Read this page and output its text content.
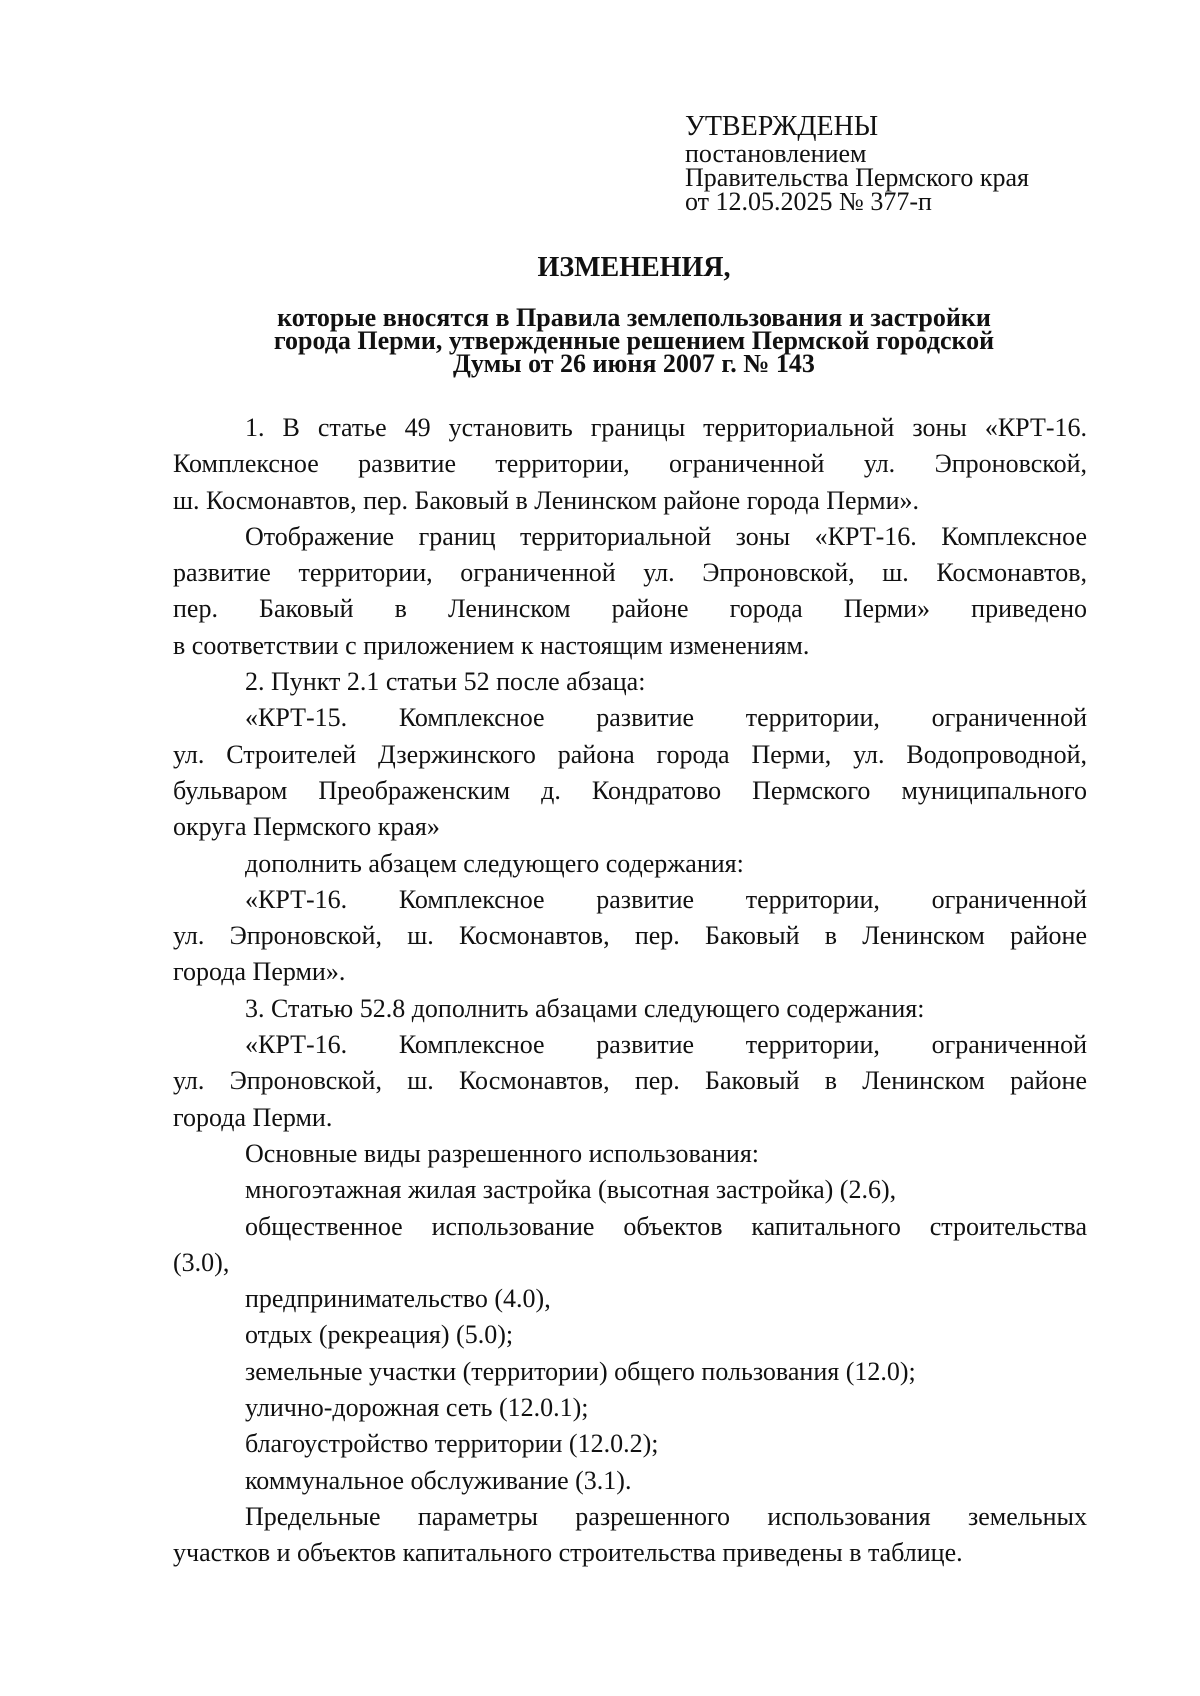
УТВЕРЖДЕНЫ
постановлением
Правительства Пермского края
от 12.05.2025 № 377-п
ИЗМЕНЕНИЯ,
которые вносятся в Правила землепользования и застройки
города Перми, утвержденные решением Пермской городской
Думы от 26 июня 2007 г. № 143

1. В статье 49 установить границы территориальной зоны «КРТ-16.

Комплексное развитие территории, ограниченной ул. Эпроновской,

ш. Космонавтов, пер. Баковый в Ленинском районе города Перми».

Отображение границ территориальной зоны «КРТ-16. Комплексное

развитие территории, ограниченной ул. Эпроновской, ш. Космонавтов,

пер. Баковый в Ленинском районе города Перми» приведено

в соответствии с приложением к настоящим изменениям.

2. Пункт 2.1 статьи 52 после абзаца:

«КРТ-15. Комплексное развитие территории, ограниченной

ул. Строителей Дзержинского района города Перми, ул. Водопроводной,

бульваром Преображенским д. Кондратово Пермского муниципального

округа Пермского края»

дополнить абзацем следующего содержания:

«КРТ-16. Комплексное развитие территории, ограниченной

ул. Эпроновской, ш. Космонавтов, пер. Баковый в Ленинском районе

города Перми».

3. Статью 52.8 дополнить абзацами следующего содержания:

«КРТ-16. Комплексное развитие территории, ограниченной

ул. Эпроновской, ш. Космонавтов, пер. Баковый в Ленинском районе

города Перми.

Основные виды разрешенного использования:

многоэтажная жилая застройка (высотная застройка) (2.6),

общественное использование объектов капитального строительства

(3.0),

предпринимательство (4.0),

отдых (рекреация) (5.0);

земельные участки (территории) общего пользования (12.0);

улично-дорожная сеть (12.0.1);

благоустройство территории (12.0.2);

коммунальное обслуживание (3.1).

Предельные параметры разрешенного использования земельных

участков и объектов капитального строительства приведены в таблице.
